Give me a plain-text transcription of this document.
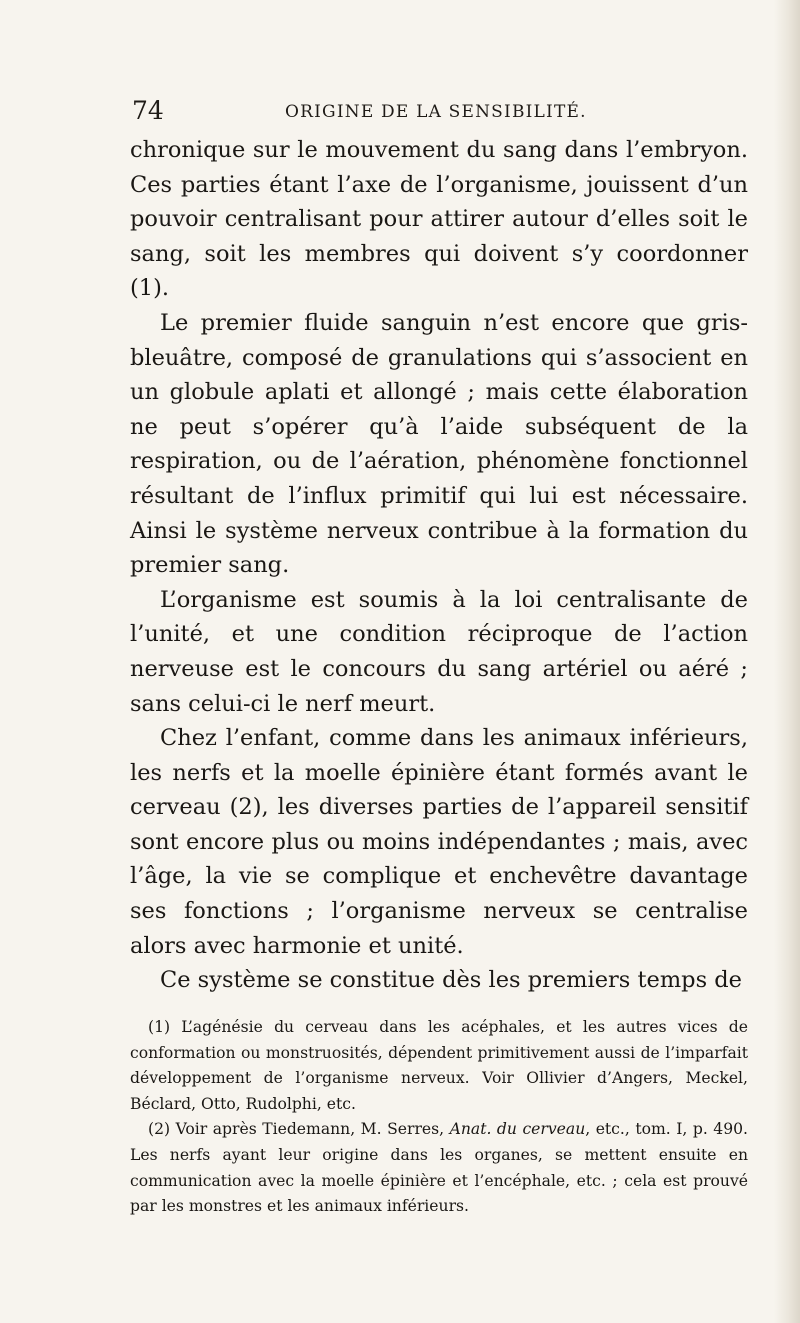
74	ORIGINE DE LA SENSIBILITÉ.

chronique sur le mouvement du sang dans l’embryon. Ces parties étant l’axe de l’organisme, jouissent d’un pouvoir centralisant pour attirer autour d’elles soit le sang, soit les membres qui doivent s’y coordonner (1).

Le premier fluide sanguin n’est encore que gris-bleuâtre, composé de granulations qui s’associent en un globule aplati et allongé ; mais cette élaboration ne peut s’opérer qu’à l’aide subséquent de la respiration, ou de l’aération, phénomène fonctionnel résultant de l’influx primitif qui lui est nécessaire. Ainsi le système nerveux contribue à la formation du premier sang.

L’organisme est soumis à la loi centralisante de l’unité, et une condition réciproque de l’action nerveuse est le concours du sang artériel ou aéré ; sans celui-ci le nerf meurt.

Chez l’enfant, comme dans les animaux inférieurs, les nerfs et la moelle épinière étant formés avant le cerveau (2), les diverses parties de l’appareil sensitif sont encore plus ou moins indépendantes ; mais, avec l’âge, la vie se complique et enchevêtre davantage ses fonctions ; l’organisme nerveux se centralise alors avec harmonie et unité.

Ce système se constitue dès les premiers temps de

(1) L’agénésie du cerveau dans les acéphales, et les autres vices de conformation ou monstruosités, dépendent primitivement aussi de l’imparfait développement de l’organisme nerveux. Voir Ollivier d’Angers, Meckel, Béclard, Otto, Rudolphi, etc.

(2) Voir après Tiedemann, M. Serres, Anat. du cerveau, etc., tom. I, p. 490. Les nerfs ayant leur origine dans les organes, se mettent ensuite en communication avec la moelle épinière et l’encéphale, etc. ; cela est prouvé par les monstres et les animaux inférieurs.
